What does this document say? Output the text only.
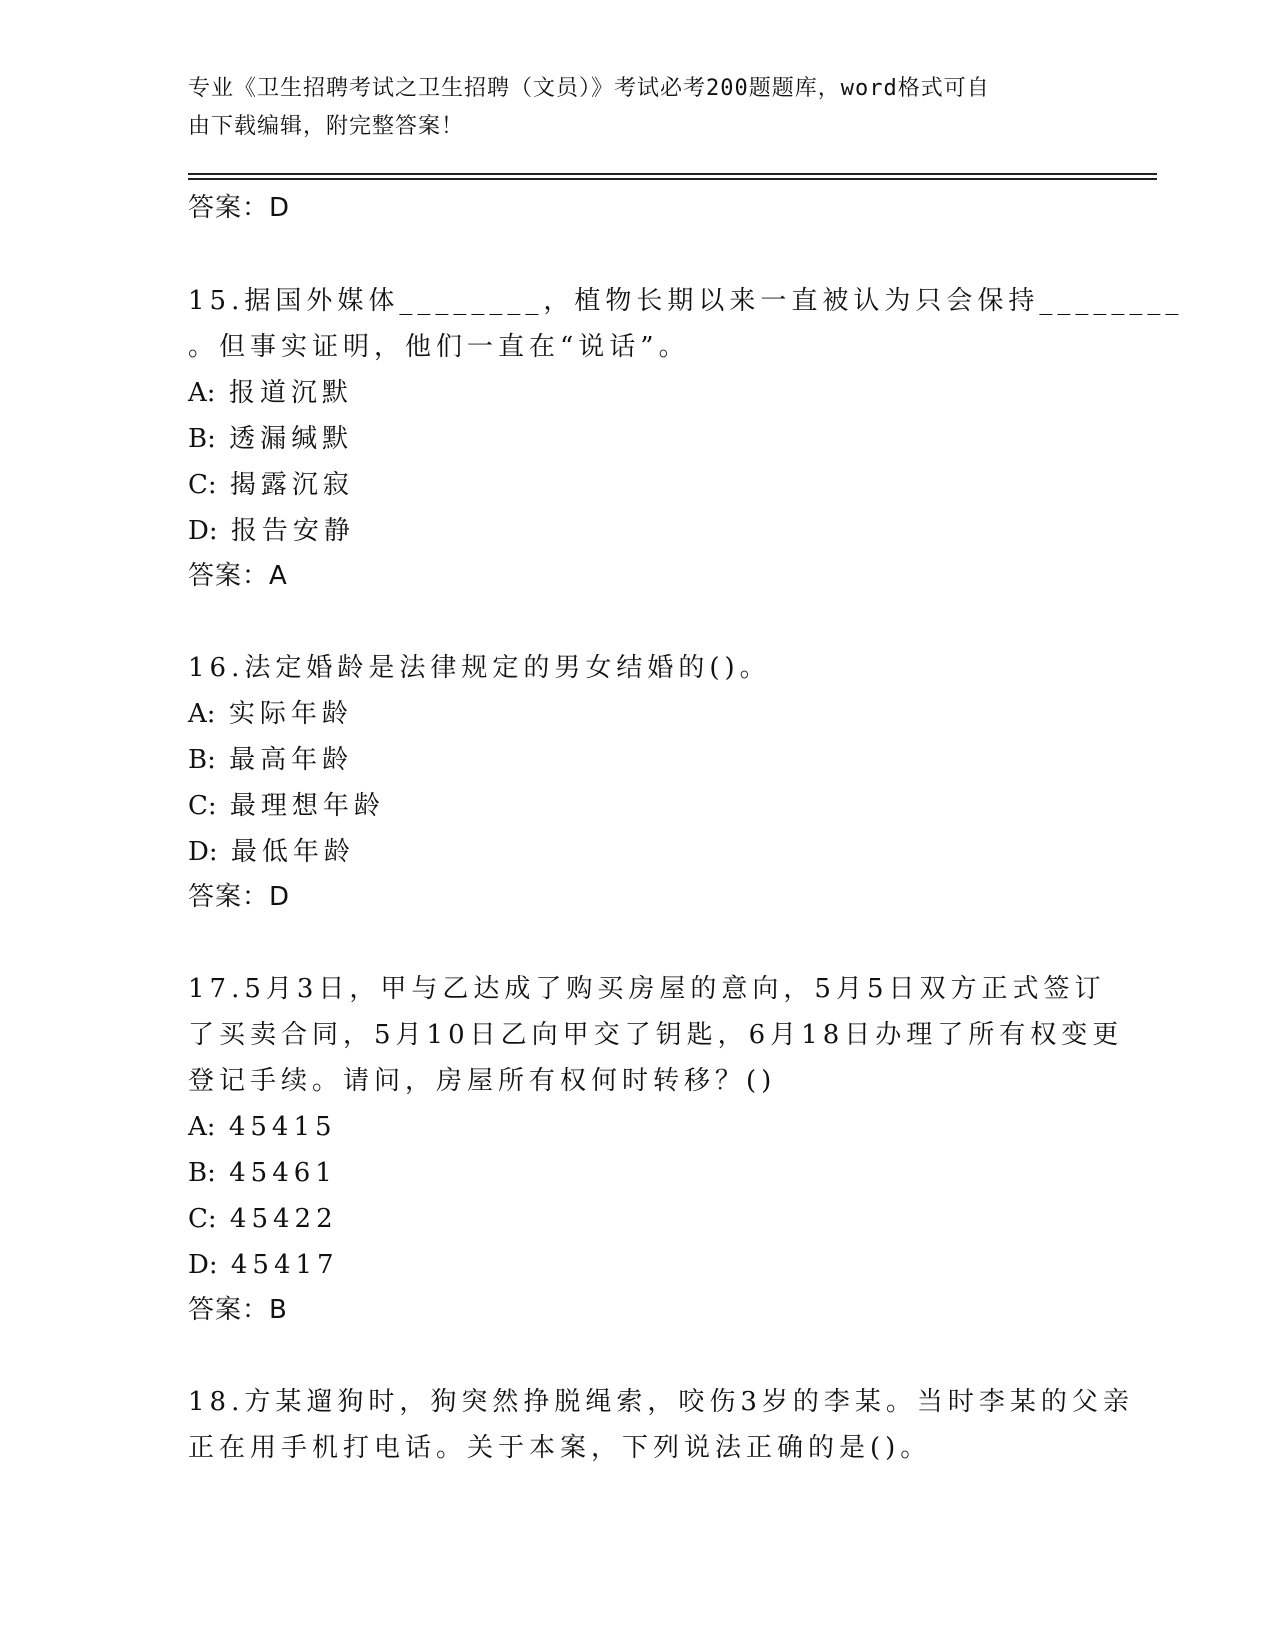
专业《卫生招聘考试之卫生招聘（文员）》考试必考200题题库，word格式可自
由下载编辑，附完整答案！
答案：D
15.据国外媒体________，植物长期以来一直被认为只会保持________
。但事实证明，他们一直在“说话”。
A: 报道沉默
B: 透漏缄默
C: 揭露沉寂
D: 报告安静
答案：A
16.法定婚龄是法律规定的男女结婚的()。
A: 实际年龄
B: 最高年龄
C: 最理想年龄
D: 最低年龄
答案：D
17.5月3日，甲与乙达成了购买房屋的意向，5月5日双方正式签订
了买卖合同，5月10日乙向甲交了钥匙，6月18日办理了所有权变更
登记手续。请问，房屋所有权何时转移？()
A: 45415
B: 45461
C: 45422
D: 45417
答案：B
18.方某遛狗时，狗突然挣脱绳索，咬伤3岁的李某。当时李某的父亲
正在用手机打电话。关于本案，下列说法正确的是()。
